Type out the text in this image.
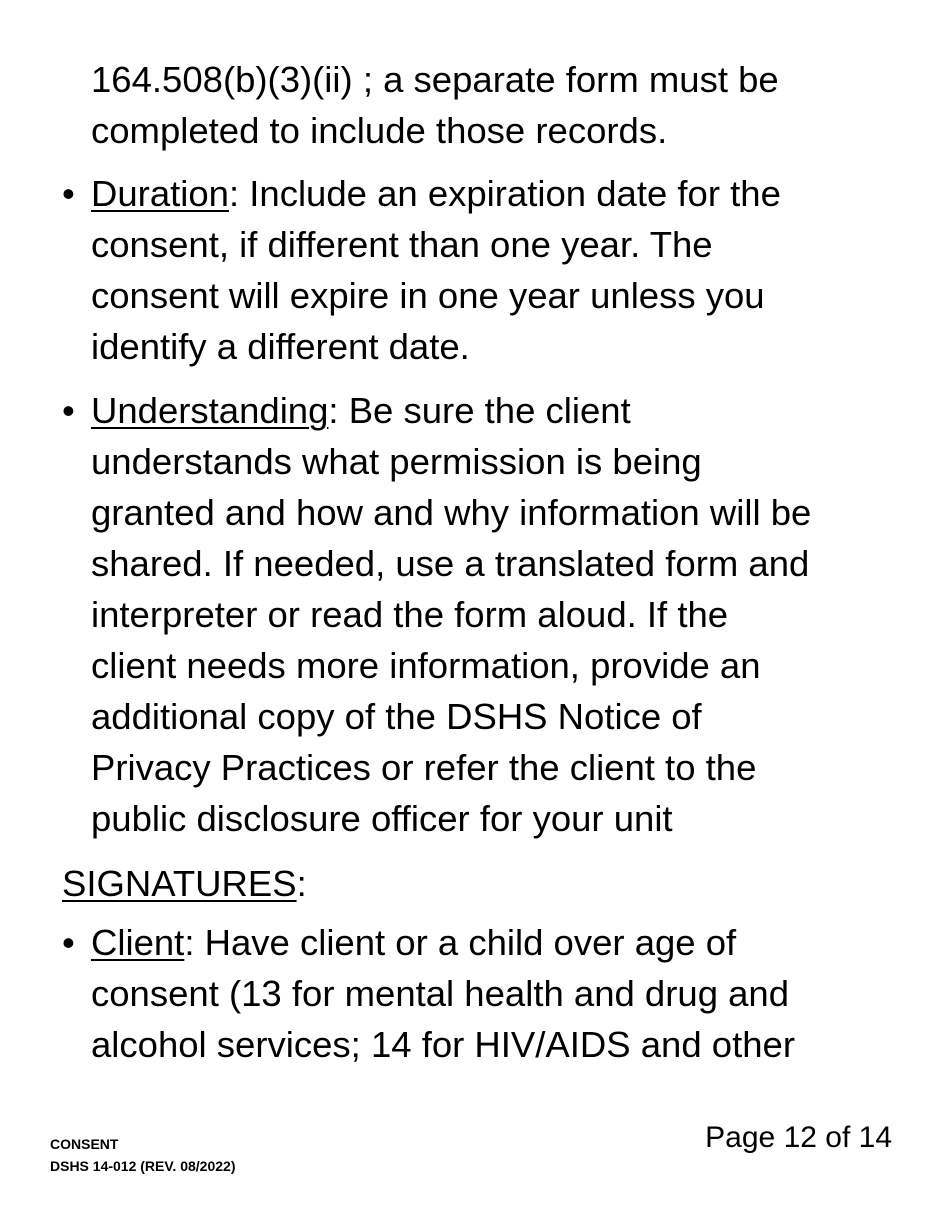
164.508(b)(3)(ii) ; a separate form must be
completed to include those records.
• Duration: Include an expiration date for the
consent, if different than one year. The
consent will expire in one year unless you
identify a different date.
• Understanding: Be sure the client
understands what permission is being
granted and how and why information will be
shared. If needed, use a translated form and
interpreter or read the form aloud. If the
client needs more information, provide an
additional copy of the DSHS Notice of
Privacy Practices or refer the client to the
public disclosure officer for your unit

SIGNATURES:

• Client: Have client or a child over age of
consent (13 for mental health and drug and
alcohol services; 14 for HIV/AIDS and other
CONSENT
DSHS 14-012 (REV. 08/2022)
Page 12 of 14
